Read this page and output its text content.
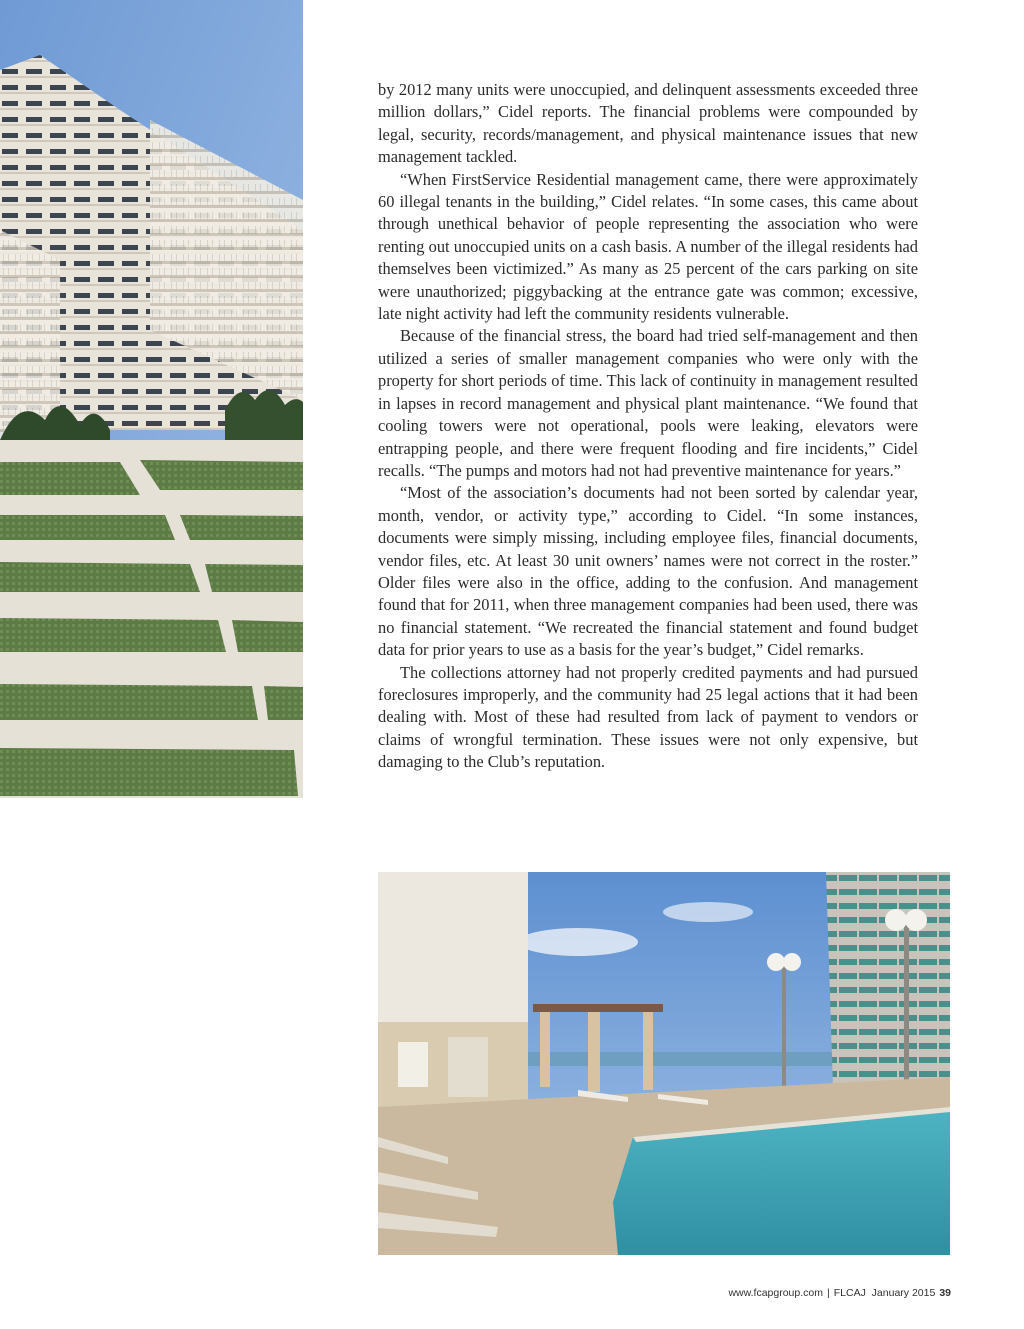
by 2012 many units were unoccupied, and delinquent assessments exceeded three million dollars,” Cidel reports. The financial problems were compounded by legal, security, records/management, and physical maintenance issues that new management tackled.

“When FirstService Residential management came, there were approximately 60 illegal tenants in the building,” Cidel relates. “In some cases, this came about through unethical behavior of people representing the association who were renting out unoccupied units on a cash basis. A number of the illegal residents had themselves been victimized.” As many as 25 percent of the cars parking on site were unauthorized; piggybacking at the entrance gate was common; excessive, late night activity had left the community residents vulnerable.

Because of the financial stress, the board had tried self-management and then utilized a series of smaller management companies who were only with the property for short periods of time. This lack of continuity in management resulted in lapses in record management and physical plant maintenance. “We found that cooling towers were not operational, pools were leaking, elevators were entrapping people, and there were frequent flooding and fire incidents,” Cidel recalls. “The pumps and motors had not had preventive maintenance for years.”

“Most of the association’s documents had not been sorted by calendar year, month, vendor, or activity type,” according to Cidel. “In some instances, documents were simply missing, including employee files, financial documents, vendor files, etc. At least 30 unit owners’ names were not correct in the roster.” Older files were also in the office, adding to the confusion. And management found that for 2011, when three management companies had been used, there was no financial statement. “We recreated the financial statement and found budget data for prior years to use as a basis for the year’s budget,” Cidel remarks.

The collections attorney had not properly credited payments and had pursued foreclosures improperly, and the community had 25 legal actions that it had been dealing with. Most of these had resulted from lack of payment to vendors or claims of wrongful termination. These issues were not only expensive, but damaging to the Club’s reputation.

www.fcapgroup.com | FLCAJ January 2015 39
